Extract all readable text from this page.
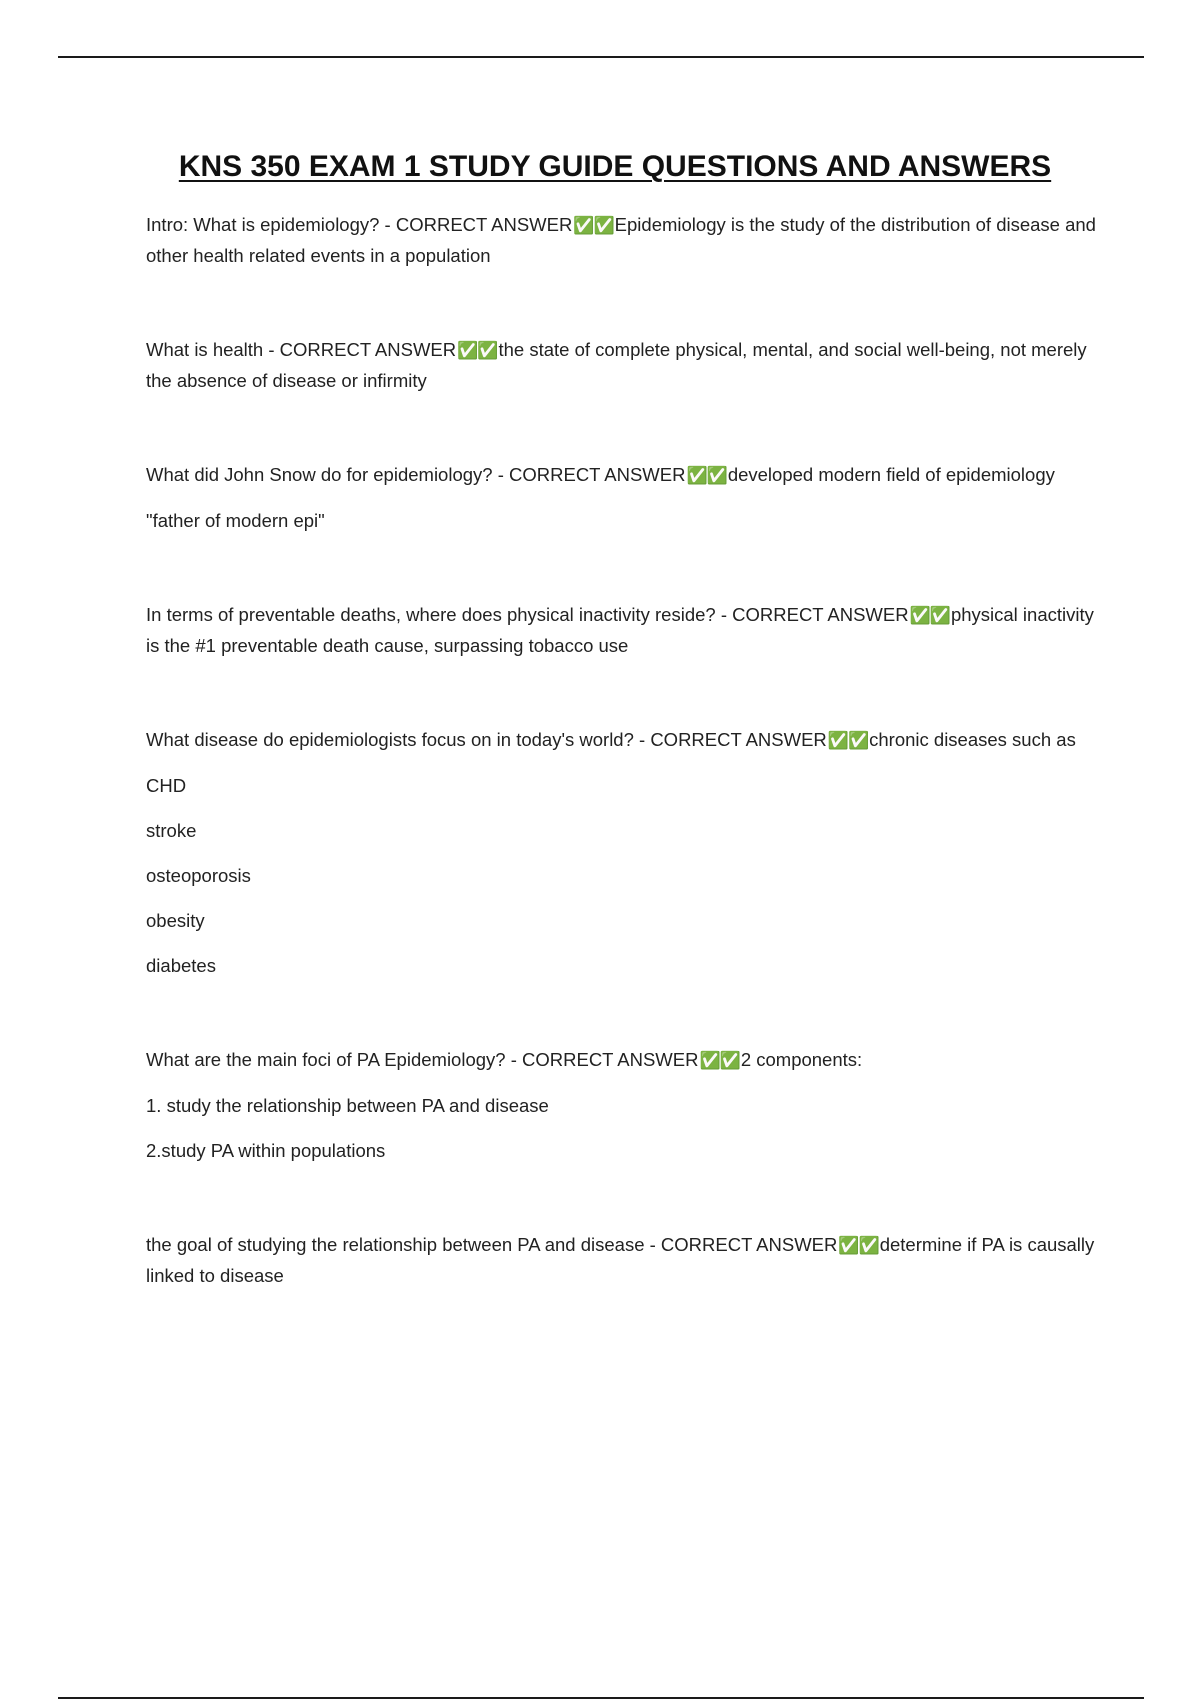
KNS 350 EXAM 1 STUDY GUIDE QUESTIONS AND ANSWERS

Intro: What is epidemiology? - CORRECT ANSWER✅✅Epidemiology is the study of the distribution of disease and other health related events in a population

What is health - CORRECT ANSWER✅✅the state of complete physical, mental, and social well-being, not merely the absence of disease or infirmity

What did John Snow do for epidemiology? - CORRECT ANSWER✅✅developed modern field of epidemiology

"father of modern epi"

In terms of preventable deaths, where does physical inactivity reside? - CORRECT ANSWER✅✅physical inactivity is the #1 preventable death cause, surpassing tobacco use

What disease do epidemiologists focus on in today's world? - CORRECT ANSWER✅✅chronic diseases such as

CHD

stroke

osteoporosis

obesity

diabetes

What are the main foci of PA Epidemiology? - CORRECT ANSWER✅✅2 components:

1. study the relationship between PA and disease

2.study PA within populations

the goal of studying the relationship between PA and disease - CORRECT ANSWER✅✅determine if PA is causally linked to disease
